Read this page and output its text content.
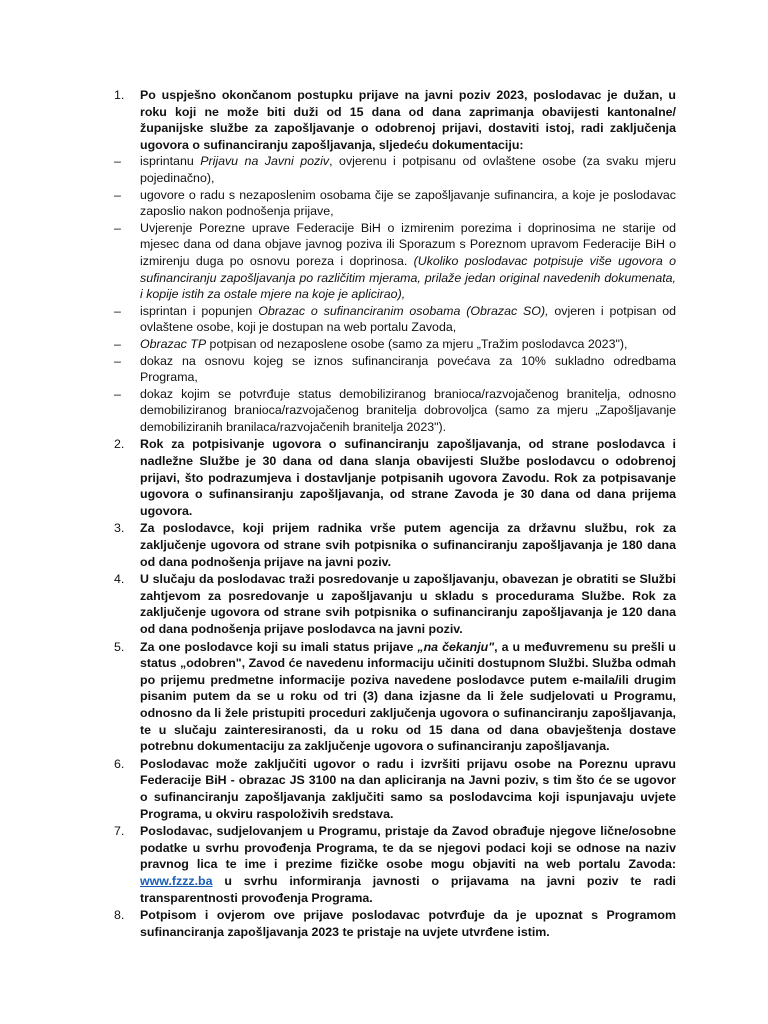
1. Po uspješno okončanom postupku prijave na javni poziv 2023, poslodavac je dužan, u roku koji ne može biti duži od 15 dana od dana zaprimanja obavijesti kantonalne/županijske službe za zapošljavanje o odobrenoj prijavi, dostaviti istoj, radi zaključenja ugovora o sufinanciranju zapošljavanja, sljedeću dokumentaciju:
– isprintanu Prijavu na Javni poziv, ovjerenu i potpisanu od ovlaštene osobe (za svaku mjeru pojedinačno),
– ugovore o radu s nezaposlenim osobama čije se zapošljavanje sufinancira, a koje je poslodavac zaposlio nakon podnošenja prijave,
– Uvjerenje Porezne uprave Federacije BiH o izmirenim porezima i doprinosima ne starije od mjesec dana od dana objave javnog poziva ili Sporazum s Poreznom upravom Federacije BiH o izmirenju duga po osnovu poreza i doprinosa. (Ukoliko poslodavac potpisuje više ugovora o sufinanciranju zapošljavanja po različitim mjerama, prilaže jedan original navedenih dokumenata, i kopije istih za ostale mjere na koje je aplicirao),
– isprintan i popunjen Obrazac o sufinanciranim osobama (Obrazac SO), ovjeren i potpisan od ovlaštene osobe, koji je dostupan na web portalu Zavoda,
– Obrazac TP potpisan od nezaposlene osobe (samo za mjeru „Tražim poslodavca 2023"),
– dokaz na osnovu kojeg se iznos sufinanciranja povećava za 10% sukladno odredbama Programa,
– dokaz kojim se potvrđuje status demobiliziranog branioca/razvojačenog branitelja, odnosno demobiliziranog branioca/razvojačenog branitelja dobrovoljca (samo za mjeru „Zapošljavanje demobiliziranih branilaca/razvojačenih branitelja 2023").
2. Rok za potpisivanje ugovora o sufinanciranju zapošljavanja, od strane poslodavca i nadležne Službe je 30 dana od dana slanja obavijesti Službe poslodavcu o odobrenoj prijavi, što podrazumjeva i dostavljanje potpisanih ugovora Zavodu. Rok za potpisavanje ugovora o sufinansiranju zapošljavanja, od strane Zavoda je 30 dana od dana prijema ugovora.
3. Za poslodavce, koji prijem radnika vrše putem agencija za državnu službu, rok za zaključenje ugovora od strane svih potpisnika o sufinanciranju zapošljavanja je 180 dana od dana podnošenja prijave na javni poziv.
4. U slučaju da poslodavac traži posredovanje u zapošljavanju, obavezan je obratiti se Službi zahtjevom za posredovanje u zapošljavanju u skladu s procedurama Službe. Rok za zaključenje ugovora od strane svih potpisnika o sufinanciranju zapošljavanja je 120 dana od dana podnošenja prijave poslodavca na javni poziv.
5. Za one poslodavce koji su imali status prijave „na čekanju", a u međuvremenu su prešli u status „odobren", Zavod će navedenu informaciju učiniti dostupnom Službi. Služba odmah po prijemu predmetne informacije poziva navedene poslodavce putem e-maila/ili drugim pisanim putem da se u roku od tri (3) dana izjasne da li žele sudjelovati u Programu, odnosno da li žele pristupiti proceduri zaključenja ugovora o sufinanciranju zapošljavanja, te u slučaju zainteresiranosti, da u roku od 15 dana od dana obavještenja dostave potrebnu dokumentaciju za zaključenje ugovora o sufinanciranju zapošljavanja.
6. Poslodavac može zaključiti ugovor o radu i izvršiti prijavu osobe na Poreznu upravu Federacije BiH - obrazac JS 3100 na dan apliciranja na Javni poziv, s tim što će se ugovor o sufinanciranju zapošljavanja zaključiti samo sa poslodavcima koji ispunjavaju uvjete Programa, u okviru raspoloživih sredstava.
7. Poslodavac, sudjelovanjem u Programu, pristaje da Zavod obrađuje njegove lične/osobne podatke u svrhu provođenja Programa, te da se njegovi podaci koji se odnose na naziv pravnog lica te ime i prezime fizičke osobe mogu objaviti na web portalu Zavoda: www.fzzz.ba u svrhu informiranja javnosti o prijavama na javni poziv te radi transparentnosti provođenja Programa.
8. Potpisom i ovjerom ove prijave poslodavac potvrđuje da je upoznat s Programom sufinanciranja zapošljavanja 2023 te pristaje na uvjete utvrđene istim.
